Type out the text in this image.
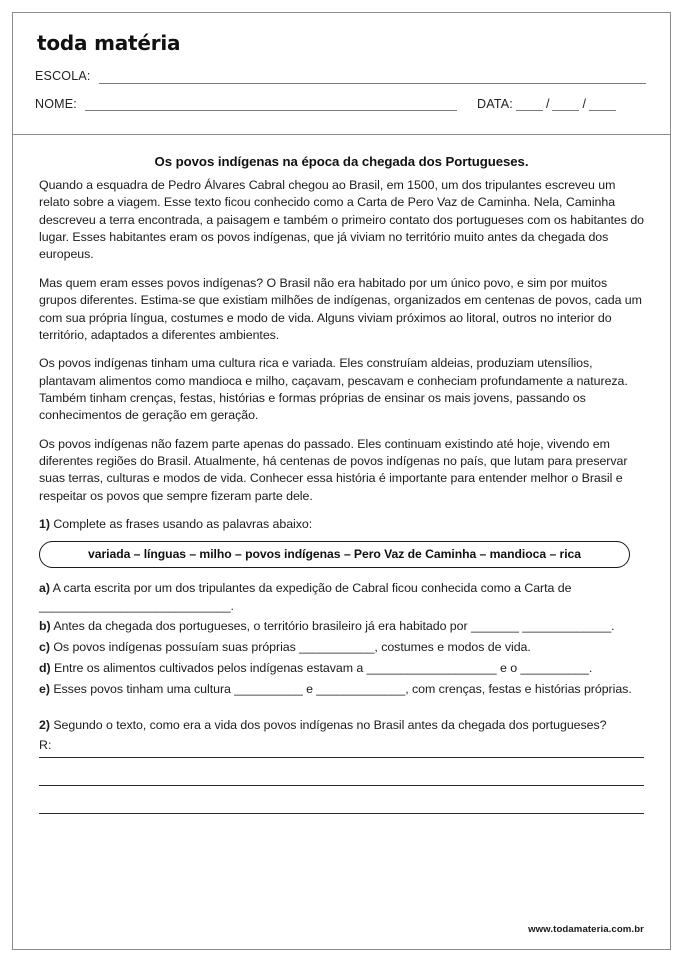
toda matéria
ESCOLA:
NOME:	DATA:	/	/
Os povos indígenas na época da chegada dos Portugueses.

Quando a esquadra de Pedro Álvares Cabral chegou ao Brasil, em 1500, um dos tripulantes escreveu um relato sobre a viagem. Esse texto ficou conhecido como a Carta de Pero Vaz de Caminha. Nela, Caminha descreveu a terra encontrada, a paisagem e também o primeiro contato dos portugueses com os habitantes do lugar. Esses habitantes eram os povos indígenas, que já viviam no território muito antes da chegada dos europeus.

Mas quem eram esses povos indígenas? O Brasil não era habitado por um único povo, e sim por muitos grupos diferentes. Estima-se que existiam milhões de indígenas, organizados em centenas de povos, cada um com sua própria língua, costumes e modo de vida. Alguns viviam próximos ao litoral, outros no interior do território, adaptados a diferentes ambientes.

Os povos indígenas tinham uma cultura rica e variada. Eles construíam aldeias, produziam utensílios, plantavam alimentos como mandioca e milho, caçavam, pescavam e conheciam profundamente a natureza. Também tinham crenças, festas, histórias e formas próprias de ensinar os mais jovens, passando os conhecimentos de geração em geração.

Os povos indígenas não fazem parte apenas do passado. Eles continuam existindo até hoje, vivendo em diferentes regiões do Brasil. Atualmente, há centenas de povos indígenas no país, que lutam para preservar suas terras, culturas e modos de vida. Conhecer essa história é importante para entender melhor o Brasil e respeitar os povos que sempre fizeram parte dele.

1) Complete as frases usando as palavras abaixo:
variada – línguas – milho – povos indígenas – Pero Vaz de Caminha – mandioca – rica
a) A carta escrita por um dos tripulantes da expedição de Cabral ficou conhecida como a Carta de ____________________________.
b) Antes da chegada dos portugueses, o território brasileiro já era habitado por _______ _____________.
c) Os povos indígenas possuíam suas próprias ___________, costumes e modos de vida.
d) Entre os alimentos cultivados pelos indígenas estavam a ___________________ e o __________.
e) Esses povos tinham uma cultura __________ e _____________, com crenças, festas e histórias próprias.
2) Segundo o texto, como era a vida dos povos indígenas no Brasil antes da chegada dos portugueses?
R:
www.todamateria.com.br
